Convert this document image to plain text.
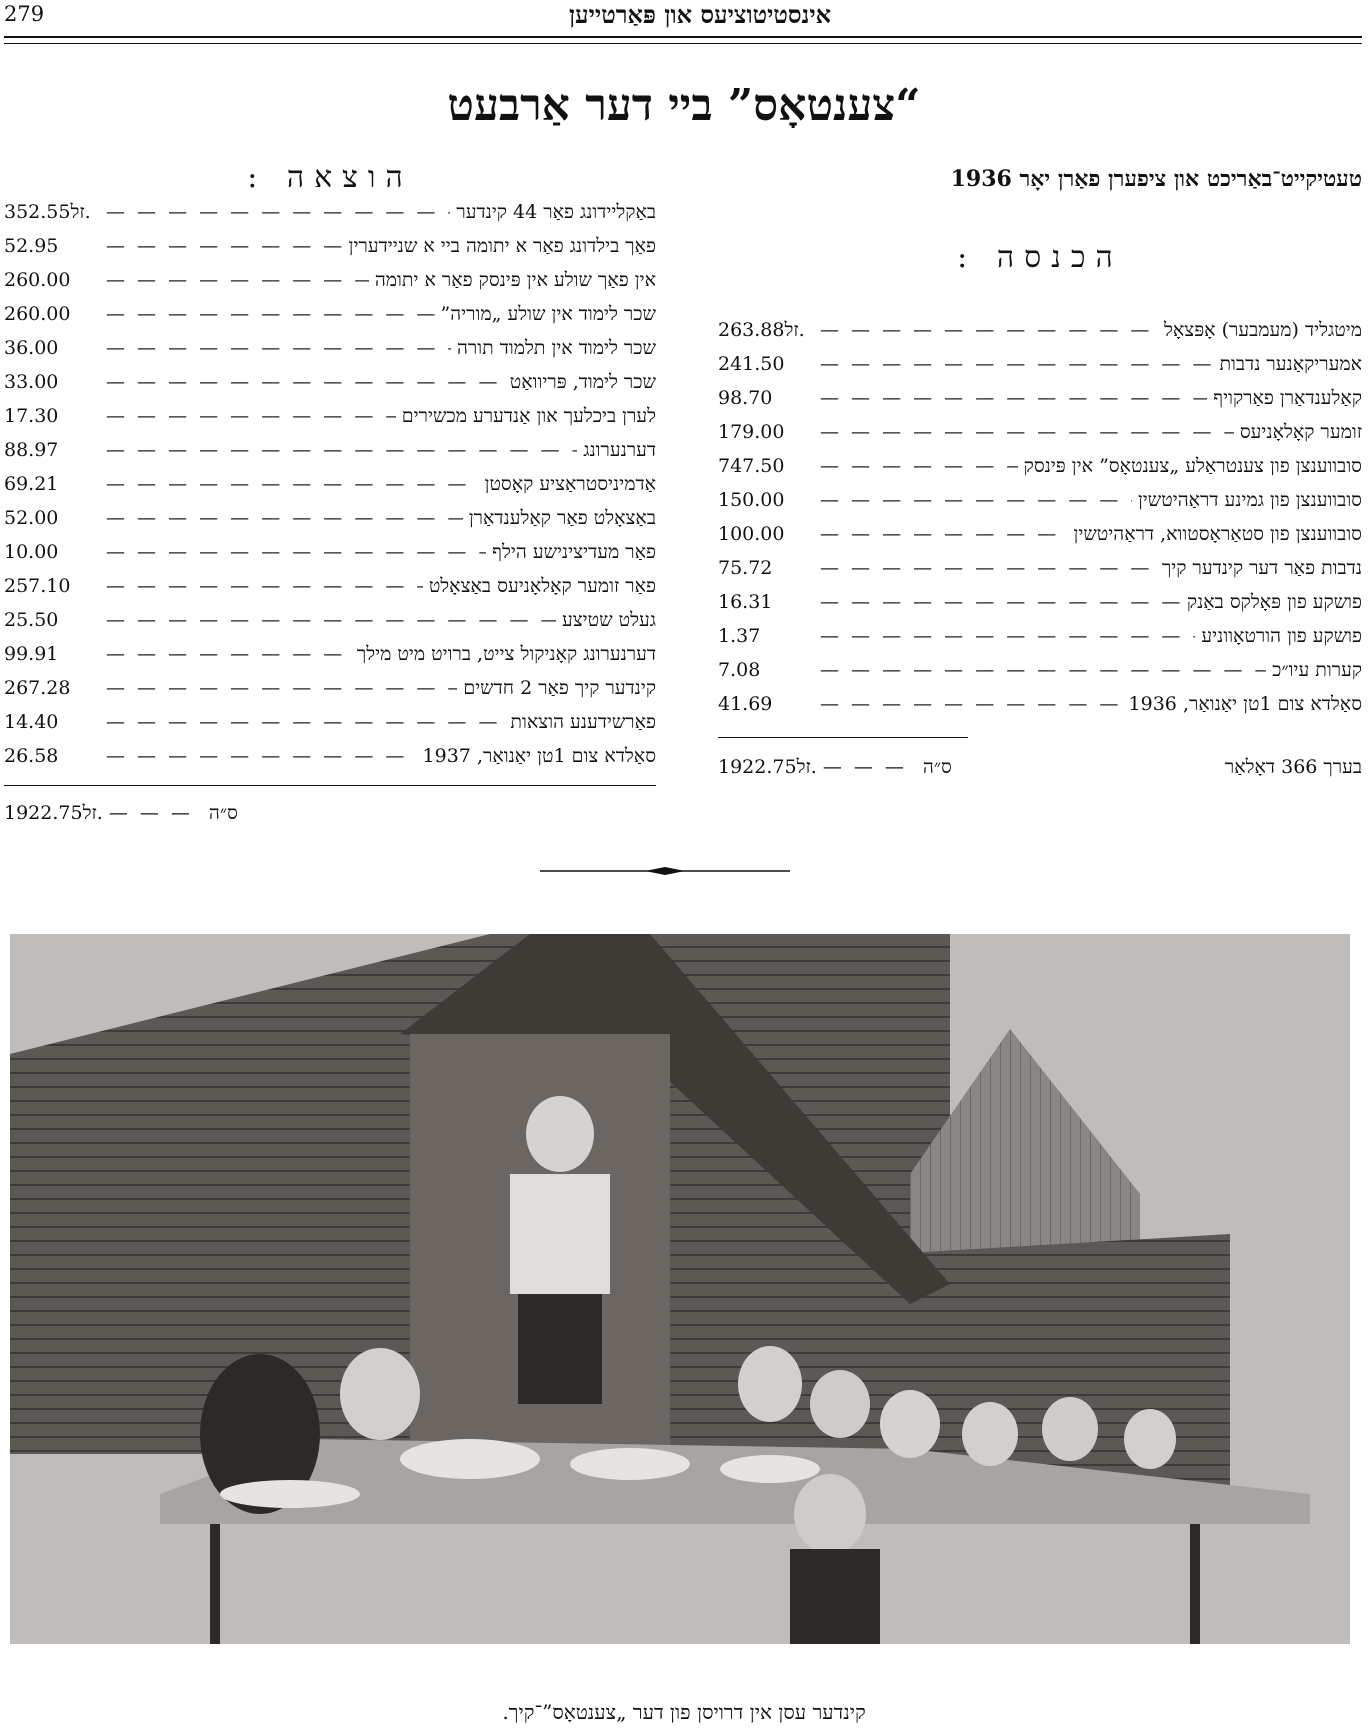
279	אינסטיטוציעס און פּאַרטייען
“צענטאָס” ביי דער אַרבעט
טעטיקייט־באַריכט און ציפערן פאַרן יאָר 1936
הכנסה :
מיטגליד (מעמבער) אָפּצאָל
— — —
263.88זל.
אמעריקאַנער נדבות
— — —
241.50
קאַלענדאַרן פאַרקויף
— — —
98.70
זומער קאָלאָניעס
— — —
179.00
סובווענצן פון צענטראַלע „צענטאָס” אין פּינסק
— — —
747.50
סובווענצן פון גמינע דראַהיטשין
— — —
150.00
סובווענצן פון סטאַראָסטווא, דראַהיטשין
— — —
100.00
נדבות פאַר דער קינדער קיך
— — —
75.72
פושקע פון פּאָלקס באַנק
— — —
16.31
פושקע פון הורטאָווניע
— — —
1.37
קערות עיו״כ
— — —
7.08
סאַלדא צום 1טן יאַנואַר, 1936
— — —
41.69
בערך 366 דאָלאַר
ס״ה
— — —
1922.75זל.
הוצאה :
באַקליידונג פאַר 44 קינדער
— — —
352.55זל.
פאַך בילדונג פאַר א יתומה ביי א שניידערין
— — —
52.95
אין פאַך שולע אין פּינסק פאַר א יתומה
— — —
260.00
שכר לימוד אין שולע „מוריה”
— — —
260.00
שכר לימוד אין תלמוד תורה
— — —
36.00
שכר לימוד, פּריוואַט
— — —
33.00
לערן ביכלעך און אַנדערע מכשירים
— — —
17.30
דערנערונג
— — —
88.97
אַדמיניסטראַציע קאָסטן
— — —
69.21
באַצאָלט פאַר קאַלענדאַרן
— — —
52.00
פאַר מעדיציניש‏ע הילף
— — —
10.00
פאַר זומער קאָלאָניעס באַצאָלט
— — —
257.10
געלט שטיצע
— — —
25.50
דערנערונג קאָניקול צייט, ברויט מיט מילך
— — —
99.91
קינדער קיך פאַר 2 חדשים
— — —
267.28
פאַרשידענע הוצאות
— — —
14.40
סאַלדא צום 1טן יאַנואַר, 1937
— — —
26.58
ס״ה
— — —
1922.75זל.
קינדער עסן אין דרויסן פון דער „צענטאָס”־קיך.
